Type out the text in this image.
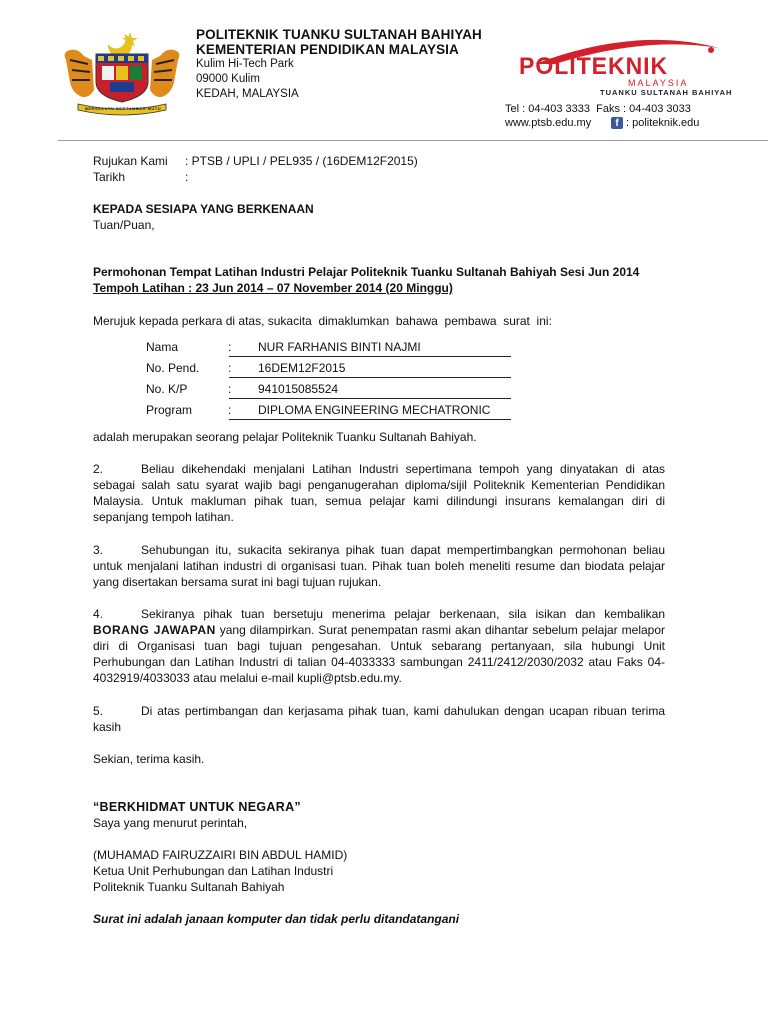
BERSEKUTU BERTAMBAH MUTU
POLITEKNIK TUANKU SULTANAH BAHIYAH
KEMENTERIAN PENDIDIKAN MALAYSIA
Kulim Hi-Tech Park
09000 Kulim
KEDAH, MALAYSIA
POLITEKNIK
MALAYSIA
TUANKU SULTANAH BAHIYAH
Tel : 04-403 3333  Faks : 04-403 3033
www.ptsb.edu.my	f : politeknik.edu
Rujukan Kami : PTSB / UPLI / PEL935 / (16DEM12F2015)
Tarikh	:
KEPADA SESIAPA YANG BERKENAAN
Tuan/Puan,
Permohonan Tempat Latihan Industri Pelajar Politeknik Tuanku Sultanah Bahiyah Sesi Jun 2014
Tempoh Latihan : 23 Jun 2014 – 07 November 2014 (20 Minggu)
Merujuk kepada perkara di atas, sukacita  dimaklumkan  bahawa  pembawa  surat  ini:
Nama	: NUR FARHANIS BINTI NAJMI
No. Pend.	: 16DEM12F2015
No. K/P	: 941015085524
Program	: DIPLOMA ENGINEERING MECHATRONIC
adalah merupakan seorang pelajar Politeknik Tuanku Sultanah Bahiyah.
2.	Beliau dikehendaki menjalani Latihan Industri sepertimana tempoh yang dinyatakan di atas sebagai salah satu syarat wajib bagi penganugerahan diploma/sijil Politeknik Kementerian Pendidikan Malaysia. Untuk makluman pihak tuan, semua pelajar kami dilindungi insurans kemalangan diri di sepanjang tempoh latihan.
3.	Sehubungan itu, sukacita sekiranya pihak tuan dapat mempertimbangkan permohonan beliau untuk menjalani latihan industri di organisasi tuan. Pihak tuan boleh meneliti resume dan biodata pelajar yang disertakan bersama surat ini bagi tujuan rujukan.
4.	Sekiranya pihak tuan bersetuju menerima pelajar berkenaan, sila isikan dan kembalikan BORANG JAWAPAN yang dilampirkan. Surat penempatan rasmi akan dihantar sebelum pelajar melapor diri di Organisasi tuan bagi tujuan pengesahan. Untuk sebarang pertanyaan, sila hubungi Unit Perhubungan dan Latihan Industri di talian 04-4033333 sambungan 2411/2412/2030/2032 atau Faks 04-4032919/4033033 atau melalui e-mail kupli@ptsb.edu.my.
5.	Di atas pertimbangan dan kerjasama pihak tuan, kami dahulukan dengan ucapan ribuan terima kasih
Sekian, terima kasih.
“BERKHIDMAT UNTUK NEGARA”
Saya yang menurut perintah,
(MUHAMAD FAIRUZZAIRI BIN ABDUL HAMID)
Ketua Unit Perhubungan dan Latihan Industri
Politeknik Tuanku Sultanah Bahiyah
Surat ini adalah janaan komputer dan tidak perlu ditandatangani
